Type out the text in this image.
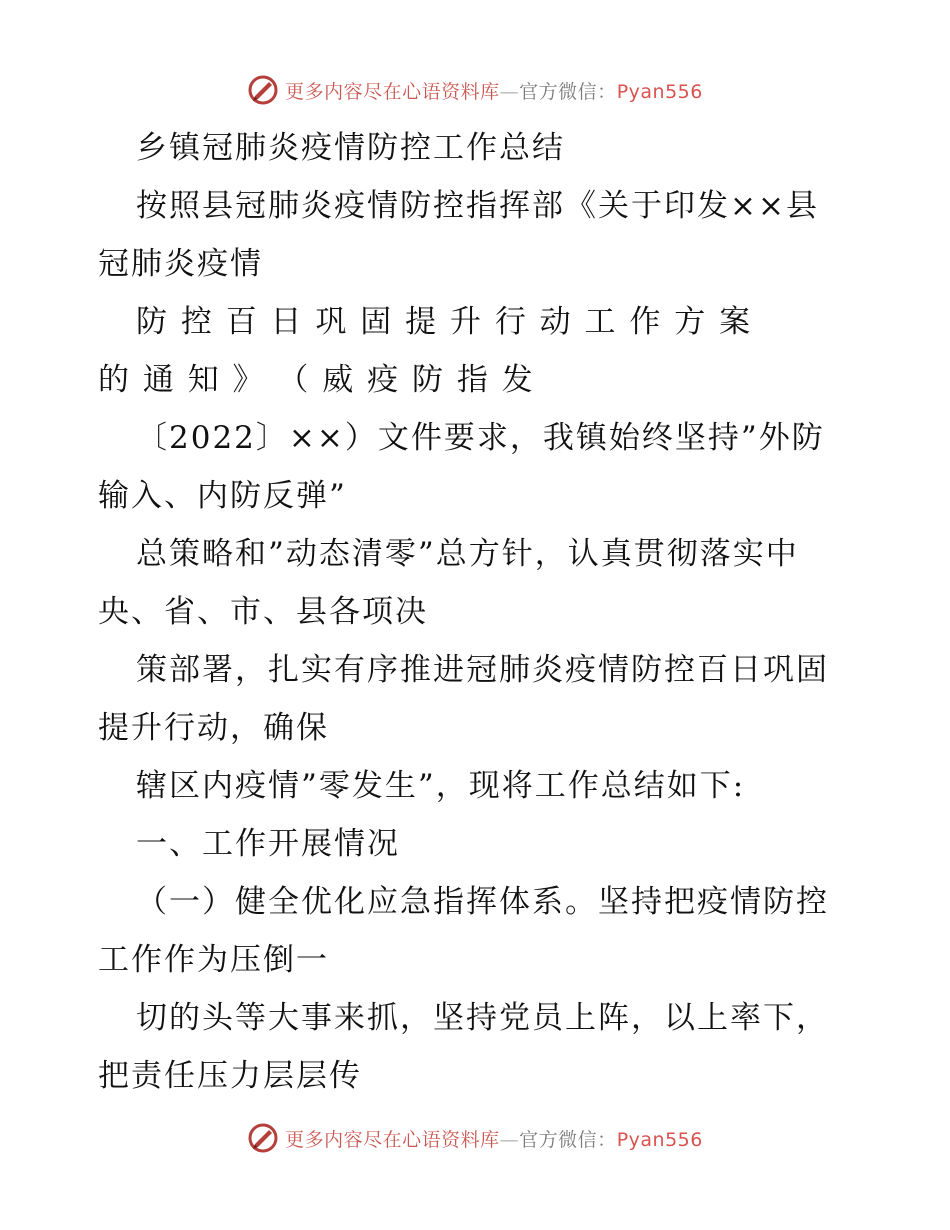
更多内容尽在心语资料库—官方微信：Pyan556
乡镇冠肺炎疫情防控工作总结
按照县冠肺炎疫情防控指挥部《关于印发××县
冠肺炎疫情
防 控 百 日 巩 固 提 升 行 动 工 作 方 案
的 通 知 》 （ 威 疫 防 指 发
〔2022〕××）文件要求，我镇始终坚持”外防
输入、内防反弹”
总策略和”动态清零”总方针，认真贯彻落实中
央、省、市、县各项决
策部署，扎实有序推进冠肺炎疫情防控百日巩固
提升行动，确保
辖区内疫情”零发生”，现将工作总结如下:
一、工作开展情况
（一）健全优化应急指挥体系。坚持把疫情防控
工作作为压倒一
切的头等大事来抓，坚持党员上阵，以上率下，
把责任压力层层传
更多内容尽在心语资料库—官方微信：Pyan556
